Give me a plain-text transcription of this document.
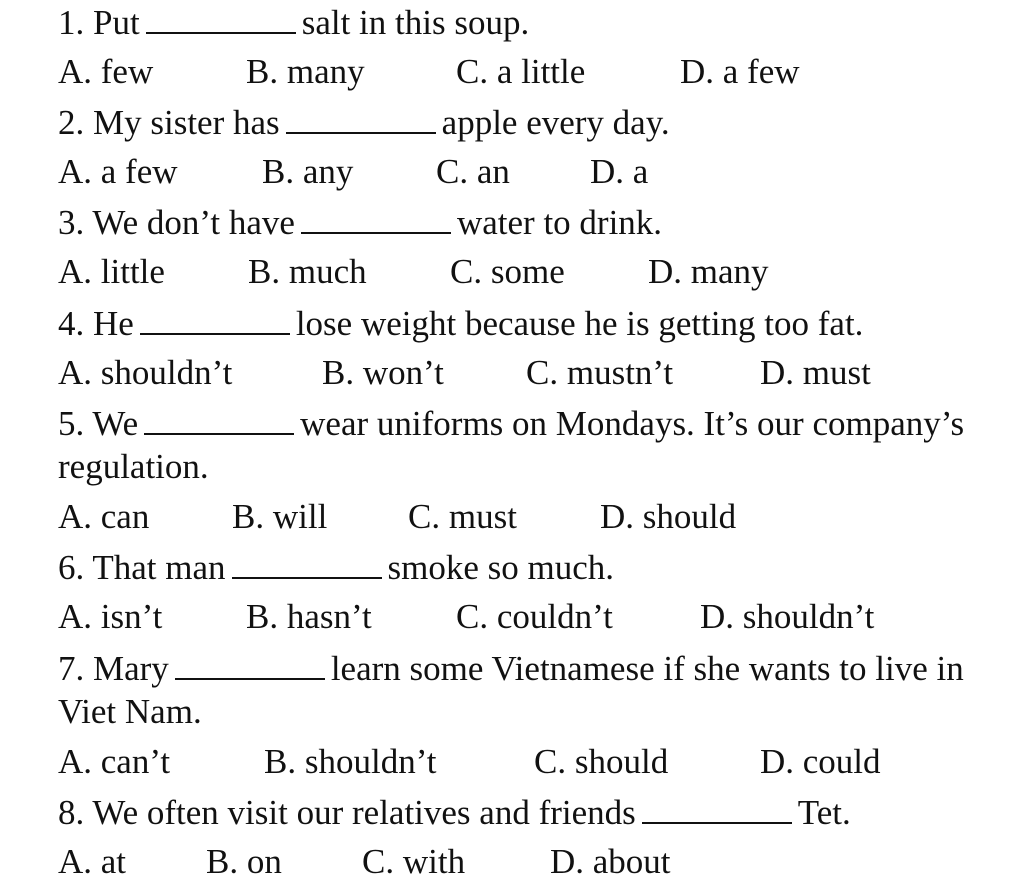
1. Put	salt in this soup.
A. few	B. many	C. a little	D. a few
2. My sister has	apple every day.
A. a few B. any C. an D. a
3. We don’t have	water to drink.
A. little B. much C. some D. many
4. He	lose weight because he is getting too fat.
A. shouldn’t	B. won’t C. mustn’t D. must
5. We	wear uniforms on Mondays. It’s our company’s
regulation.
A. can B. will C. must D. should
6. That man	smoke so much.
A. isn’t B. hasn’t C. couldn’t D. shouldn’t
7. Mary	learn some Vietnamese if she wants to live in
Viet Nam.
A. can’t	B. shouldn’t	C. should	D. could
8. We often visit our relatives and friends	Tet.
A. at B. on C. with D. about
